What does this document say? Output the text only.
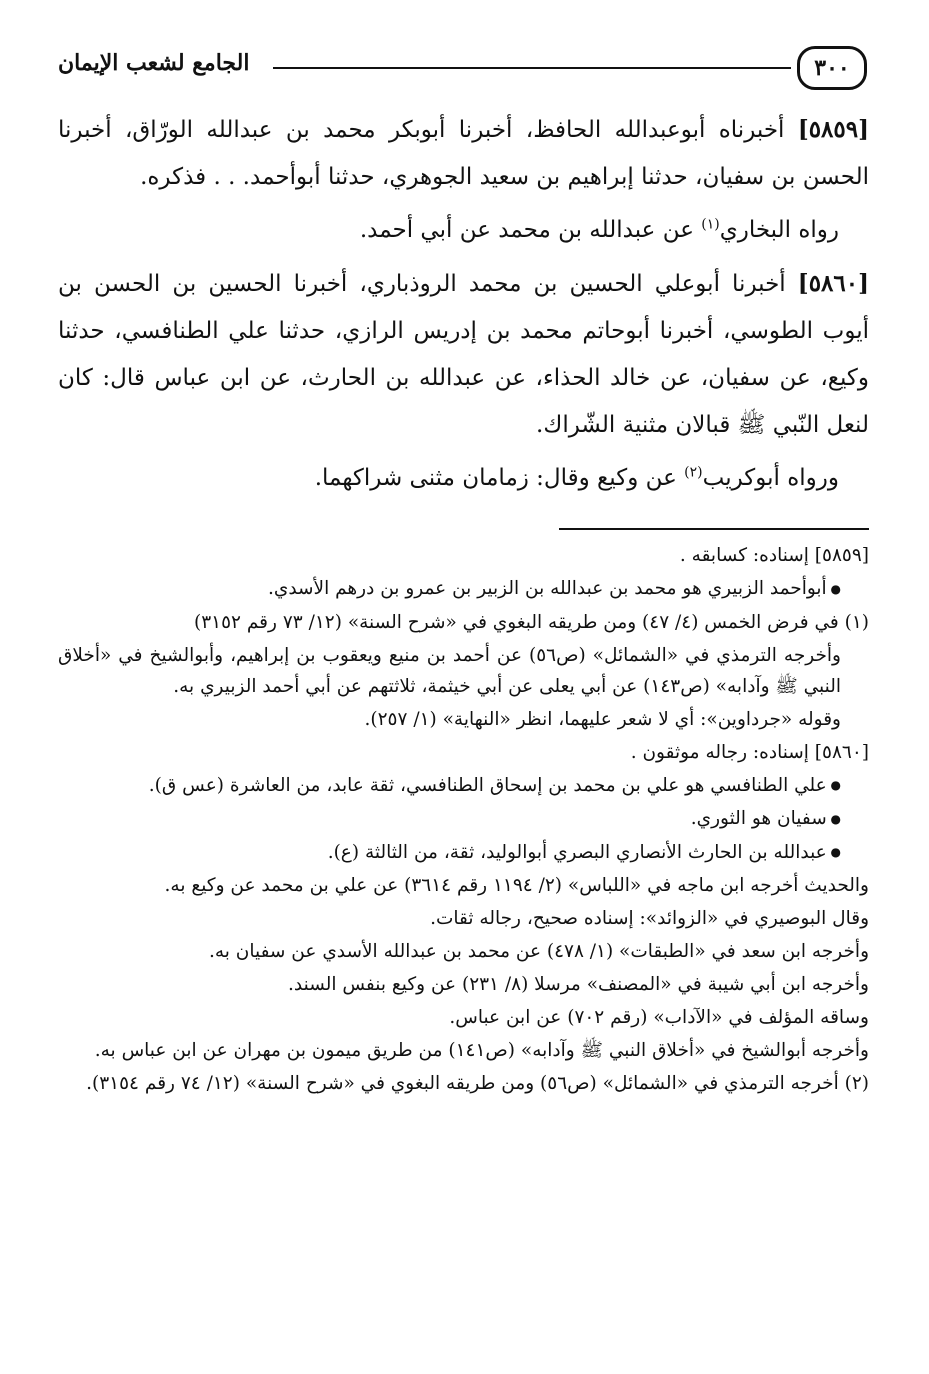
٣٠٠
الجامع لشعب الإيمان

[٥٨٥٩] أخبرناه أبوعبدالله الحافظ، أخبرنا أبوبكر محمد بن عبدالله الورّاق، أخبرنا الحسن بن سفيان، حدثنا إبراهيم بن سعيد الجوهري، حدثنا أبوأحمد. . . فذكره.

رواه البخاري$^{(١)}$ عن عبدالله بن محمد عن أبي أحمد.

[٥٨٦٠] أخبرنا أبوعلي الحسين بن محمد الروذباري، أخبرنا الحسين بن الحسن بن أيوب الطوسي، أخبرنا أبوحاتم محمد بن إدريس الرازي، حدثنا علي الطنافسي، حدثنا وكيع، عن سفيان، عن خالد الحذاء، عن عبدالله بن الحارث، عن ابن عباس قال: كان لنعل النّبي ﷺ قبالان مثنية الشّراك.

ورواه أبوكريب$^{(٢)}$ عن وكيع وقال: زمامان مثنى شراكهما.

[٥٨٥٩] إسناده: كسابقه .

● أبوأحمد الزبيري هو محمد بن عبدالله بن الزبير بن عمرو بن درهم الأسدي.

(١) في فرض الخمس (٤/ ٤٧) ومن طريقه البغوي في «شرح السنة» (١٢/ ٧٣ رقم ٣١٥٢)

وأخرجه الترمذي في «الشمائل» (ص٥٦) عن أحمد بن منيع ويعقوب بن إبراهيم، وأبوالشيخ في «أخلاق النبي ﷺ وآدابه» (ص١٤٣) عن أبي يعلى عن أبي خيثمة، ثلاثتهم عن أبي أحمد الزبيري به.

وقوله «جرداوين»: أي لا شعر عليهما، انظر «النهاية» (١/ ٢٥٧).

[٥٨٦٠] إسناده: رجاله موثقون .

● علي الطنافسي هو علي بن محمد بن إسحاق الطنافسي، ثقة عابد، من العاشرة (عس ق).

● سفيان هو الثوري.

● عبدالله بن الحارث الأنصاري البصري أبوالوليد، ثقة، من الثالثة (ع).

والحديث أخرجه ابن ماجه في «اللباس» (٢/ ١١٩٤ رقم ٣٦١٤) عن علي بن محمد عن وكيع به.

وقال البوصيري في «الزوائد»: إسناده صحيح، رجاله ثقات.

وأخرجه ابن سعد في «الطبقات» (١/ ٤٧٨) عن محمد بن عبدالله الأسدي عن سفيان به.

وأخرجه ابن أبي شيبة في «المصنف» مرسلا (٨/ ٢٣١) عن وكيع بنفس السند.

وساقه المؤلف في «الآداب» (رقم ٧٠٢) عن ابن عباس.

وأخرجه أبوالشيخ في «أخلاق النبي ﷺ وآدابه» (ص١٤١) من طريق ميمون بن مهران عن ابن عباس به.

(٢) أخرجه الترمذي في «الشمائل» (ص٥٦) ومن طريقه البغوي في «شرح السنة» (١٢/ ٧٤ رقم ٣١٥٤).
